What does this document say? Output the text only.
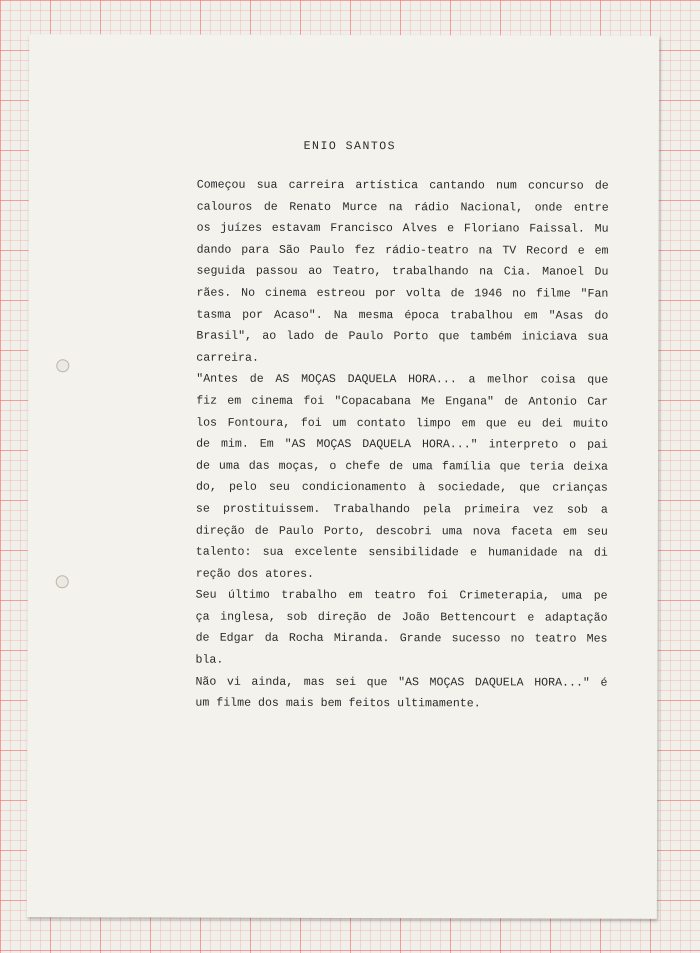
ENIO SANTOS
Começou sua carreira artística cantando num concurso de
calouros de Renato Murce na rádio Nacional, onde entre
os juízes estavam Francisco Alves e Floriano Faissal. Mu
dando para São Paulo fez rádio-teatro na TV Record e em
seguida passou ao Teatro, trabalhando na Cia. Manoel Du
rães. No cinema estreou por volta de 1946 no filme "Fan
tasma por Acaso". Na mesma época trabalhou em "Asas do
Brasil", ao lado de Paulo Porto que também iniciava sua
carreira.
"Antes de AS MOÇAS DAQUELA HORA... a melhor coisa que
fiz em cinema foi "Copacabana Me Engana" de Antonio Car
los Fontoura, foi um contato limpo em que eu dei muito
de mim. Em "AS MOÇAS DAQUELA HORA..." interpreto o pai
de uma das moças, o chefe de uma família que teria deixa
do, pelo seu condicionamento à sociedade, que crianças
se prostituissem. Trabalhando pela primeira vez sob a
direção de Paulo Porto, descobri uma nova faceta em seu
talento: sua excelente sensibilidade e humanidade na di
reção dos atores.
Seu último trabalho em teatro foi Crimeterapia, uma pe
ça inglesa, sob direção de João Bettencourt e adaptação
de Edgar da Rocha Miranda. Grande sucesso no teatro Mes
bla.
Não vi ainda, mas sei que "AS MOÇAS DAQUELA HORA..." é
um filme dos mais bem feitos ultimamente.
